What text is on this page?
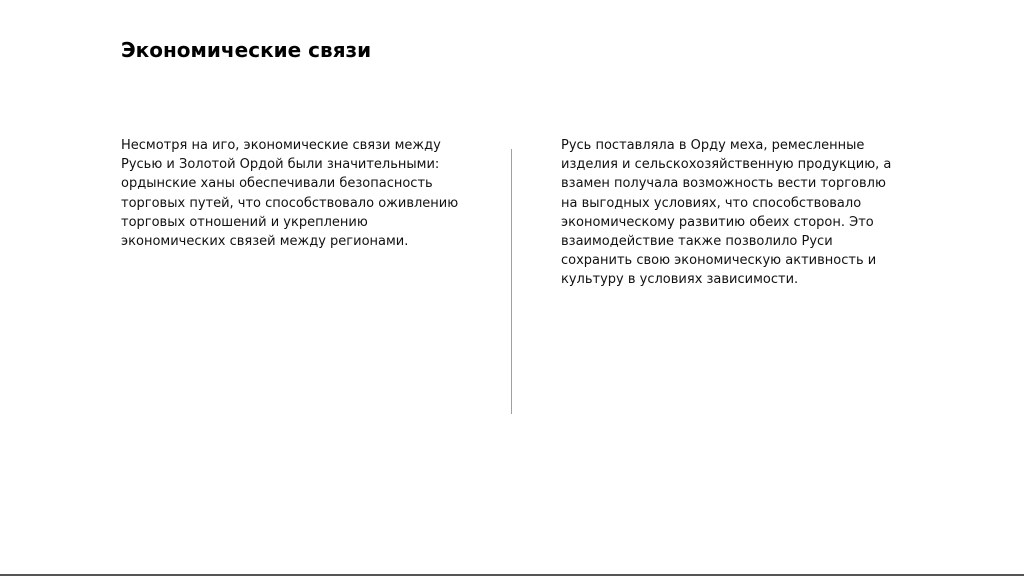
Экономические связи
Несмотря на иго, экономические связи между
Русью и Золотой Ордой были значительными:
ордынские ханы обеспечивали безопасность
торговых путей, что способствовало оживлению
торговых отношений и укреплению
экономических связей между регионами.
Русь поставляла в Орду меха, ремесленные
изделия и сельскохозяйственную продукцию, а
взамен получала возможность вести торговлю
на выгодных условиях, что способствовало
экономическому развитию обеих сторон. Это
взаимодействие также позволило Руси
сохранить свою экономическую активность и
культуру в условиях зависимости.
